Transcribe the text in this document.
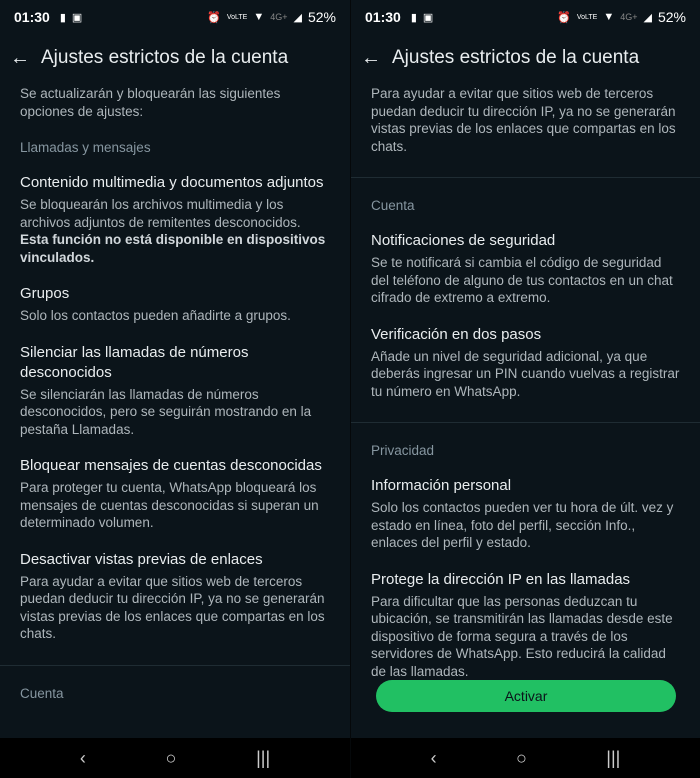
01:30 ▮ ▣	⏰ VoLTE ▼ 4G+ ◢ 52%
← Ajustes estrictos de la cuenta

Se actualizarán y bloquearán las siguientes opciones de ajustes:

Llamadas y mensajes

Contenido multimedia y documentos adjuntos

Se bloquearán los archivos multimedia y los archivos adjuntos de remitentes desconocidos. Esta función no está disponible en dispositivos vinculados.

Grupos

Solo los contactos pueden añadirte a grupos.

Silenciar las llamadas de números desconocidos

Se silenciarán las llamadas de números desconocidos, pero se seguirán mostrando en la pestaña Llamadas.

Bloquear mensajes de cuentas desconocidas

Para proteger tu cuenta, WhatsApp bloqueará los mensajes de cuentas desconocidas si superan un determinado volumen.

Desactivar vistas previas de enlaces

Para ayudar a evitar que sitios web de terceros puedan deducir tu dirección IP, ya no se generarán vistas previas de los enlaces que compartas en los chats.

Cuenta

‹	○	|||
01:30 ▮ ▣	⏰ VoLTE ▼ 4G+ ◢ 52%
← Ajustes estrictos de la cuenta

Para ayudar a evitar que sitios web de terceros puedan deducir tu dirección IP, ya no se generarán vistas previas de los enlaces que compartas en los chats.

Cuenta

Notificaciones de seguridad

Se te notificará si cambia el código de seguridad del teléfono de alguno de tus contactos en un chat cifrado de extremo a extremo.

Verificación en dos pasos

Añade un nivel de seguridad adicional, ya que deberás ingresar un PIN cuando vuelvas a registrar tu número en WhatsApp.

Privacidad

Información personal

Solo los contactos pueden ver tu hora de últ. vez y estado en línea, foto del perfil, sección Info., enlaces del perfil y estado.

Protege la dirección IP en las llamadas

Para dificultar que las personas deduzcan tu ubicación, se transmitirán las llamadas desde este dispositivo de forma segura a través de los servidores de WhatsApp. Esto reducirá la calidad de las llamadas.

Activar
‹	○	|||
